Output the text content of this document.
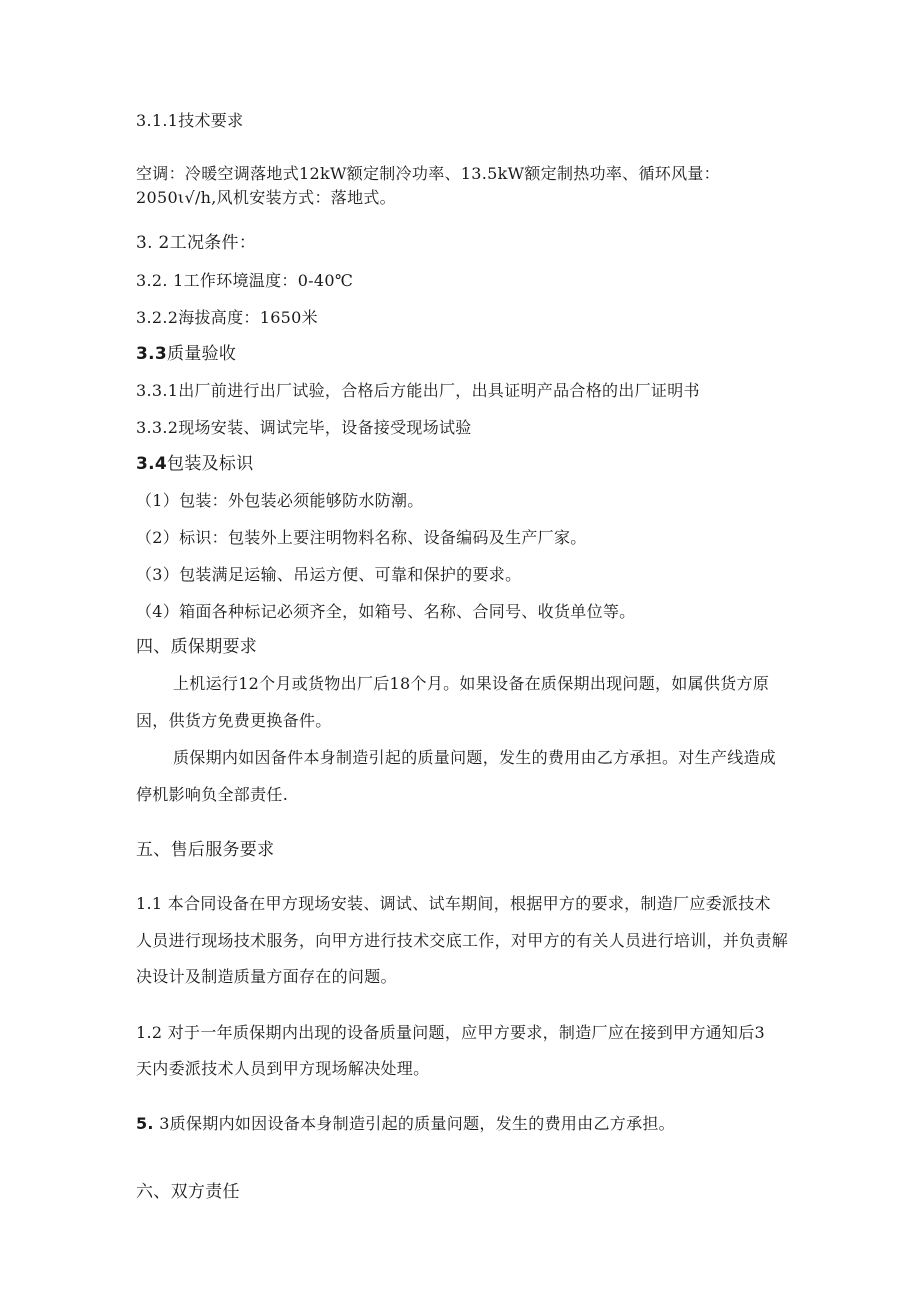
3.1.1技术要求
空调：冷暖空调落地式12kW额定制冷功率、13.5kW额定制热功率、循环风量：
2050ι√/h,风机安装方式：落地式。
3. 2工况条件：
3.2. 1工作环境温度：0-40℃
3.2.2海拔高度：1650米
3.3质量验收
3.3.1出厂前进行出厂试验，合格后方能出厂，出具证明产品合格的出厂证明书
3.3.2现场安装、调试完毕，设备接受现场试验
3.4包装及标识
（1）包装：外包装必须能够防水防潮。
（2）标识：包装外上要注明物料名称、设备编码及生产厂家。
（3）包装满足运输、吊运方便、可靠和保护的要求。
（4）箱面各种标记必须齐全，如箱号、名称、合同号、收货单位等。
四、质保期要求
上机运行12个月或货物出厂后18个月。如果设备在质保期出现问题，如属供货方原
因，供货方免费更换备件。
质保期内如因备件本身制造引起的质量问题，发生的费用由乙方承担。对生产线造成
停机影响负全部责任.
五、售后服务要求
1.1 本合同设备在甲方现场安装、调试、试车期间，根据甲方的要求，制造厂应委派技术
人员进行现场技术服务，向甲方进行技术交底工作，对甲方的有关人员进行培训，并负责解
决设计及制造质量方面存在的问题。
1.2 对于一年质保期内出现的设备质量问题，应甲方要求，制造厂应在接到甲方通知后3
天内委派技术人员到甲方现场解决处理。
5. 3质保期内如因设备本身制造引起的质量问题，发生的费用由乙方承担。
六、双方责任
